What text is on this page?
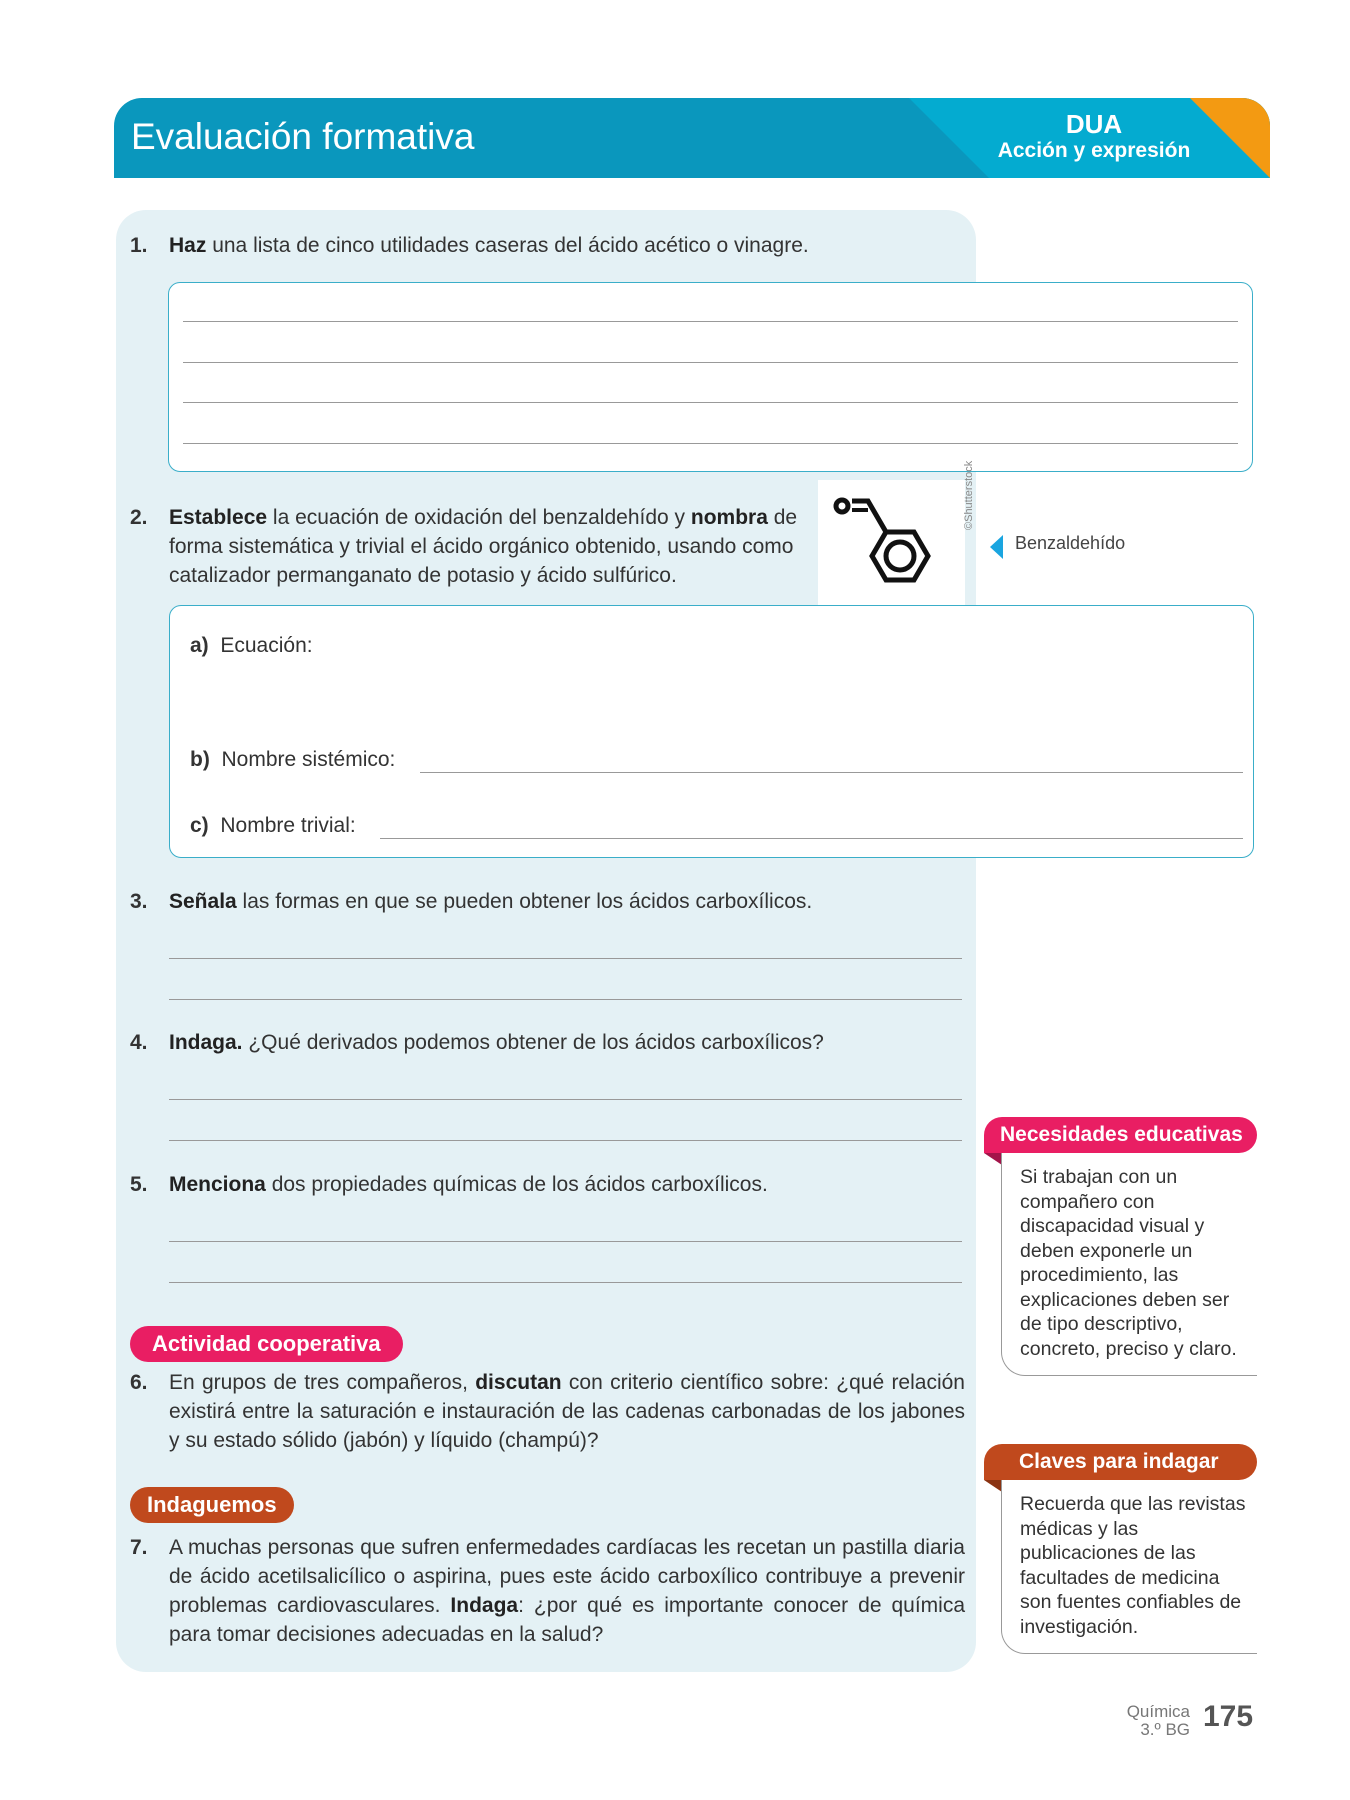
Evaluación formativa	DUA
Acción y expresión
1. Haz una lista de cinco utilidades caseras del ácido acético o vinagre.
2. Establece la ecuación de oxidación del benzaldehído y nombra de forma sistemática y trivial el ácido orgánico obtenido, usando como catalizador permanganato de potasio y ácido sulfúrico.
©Shutterstock
Benzaldehído
a) Ecuación:
b) Nombre sistémico:
c) Nombre trivial:
3. Señala las formas en que se pueden obtener los ácidos carboxílicos.
4. Indaga. ¿Qué derivados podemos obtener de los ácidos carboxílicos?
5. Menciona dos propiedades químicas de los ácidos carboxílicos.
Actividad cooperativa
6. En grupos de tres compañeros, discutan con criterio científico sobre: ¿qué relación existirá entre la saturación e instauración de las cadenas carbonadas de los jabones y su estado sólido (jabón) y líquido (champú)?
Indaguemos
7. A muchas personas que sufren enfermedades cardíacas les recetan un pastilla diaria de ácido acetilsalicílico o aspirina, pues este ácido carboxílico contribuye a prevenir problemas cardiovasculares. Indaga: ¿por qué es importante conocer de química para tomar decisiones adecuadas en la salud?
Necesidades educativas
Si trabajan con un compañero con discapacidad visual y deben exponerle un procedimiento, las explicaciones deben ser de tipo descriptivo, concreto, preciso y claro.
Claves para indagar
Recuerda que las revistas médicas y las publicaciones de las facultades de medicina son fuentes confiables de investigación.
Química
3.º BG 175
